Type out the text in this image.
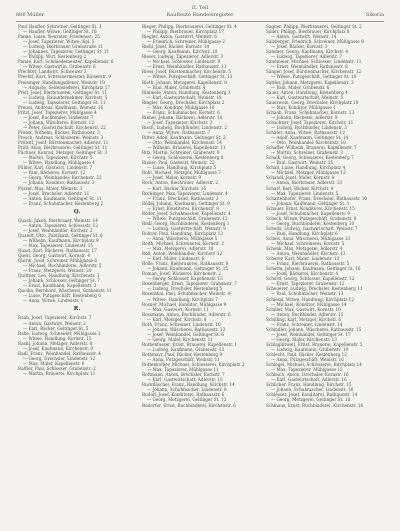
806 Müller
II. Teil
Kaufleute Handelsregister	Sikoria
Paul Haufler, Schrotner, Geltinger St. 3
— Haufler, Witwe, Geltinger St. 16
Panne, Luise, Neurater, Friedensst. 25
— Josef, Tapezierer, Witwe, Kpl. 5
— Ludwig, Bierbrauer, Grubstraße 11
— Johannes, Tapezierer, Geltinger St. 11
— Philipp, Wirt, Kestenberg 2
Panne, Karl, Schmiedemeister, Kapellenstr. 6
— Witwe, Gastwirtin, Grabenstr. 6
Prechter, Landwirt, Schweizer 3
Prechtl, Karl, Schreinermeister, Kaiserstr. 9
Preisinger, Handlungsdiener, Weinstr. 10
— Auguste, Seifensiederei, Kirchplatz 17
Prell, Josef, Bierbrauerei, Geltinger St. 11
— Ludwig, Bauunternehmer, Kirchstr. 5
— Ludwig, Tapezierer, Geltinger St. 11
Preuss, Andreas, Kaufmann, Weinstr. 16
Pritzl, Josef, Tapezierer, Mühlgasse 4
— Josef, Buchbinder, Lindenstr. 7
— Johann, Wäscherei, Kornstr. 12
— Peter, Gastwirtschaft, Kirchenstr. 22
Probst, Wilhelm, Bäcker, Rathausstr. 3
Prosch, Andreas, Schlosserei, Weinstr. 3
Pröbstl, Josef, Bürstenmacher, Adlerstr. 11
Pröll, Alois, Bierbrauerei, Geltinger St. 11
Püchner, Konrad, Metzger, Geltinger St. 3
— Martin, Tapezierer, Kirchstr. 5
— Witwe, Handlung, Mühlgasse 4
Pühler, Karl, Gastwirt, Lindenstr. 7
— Paul, Bäckerei, Kornstr. 12
— Georg, Weinhandel, Kirchenstr. 22
— Johann, Konditor, Rathausstr. 3
Pürzer, Max, Maler, Weinstr. 3
— Josef, Drechsler, Adlerstr. 11
— Anton, Kaufmann, Geltinger St. 11
— Franz, Schuhmacher, Kestenberg 2
Q.
Quack, Jakob, Bierbrauer, Weinstr. 14
— Anton, Tapezierer, Schlossstr. 12
— Josef, Weinhändler, Kirchstr. 2
Quandt, Otto, Fabrikant, Geltinger St. 8
— Wilhelm, Kaufmann, Kirchplatz 9
— Max, Tapezierer, Lindenstr. 15
Quast, Karl, Bäckerei, Rathausstr. 17
Queri, Georg, Gastwirt, Kornstr. 4
Quirin, Josef, Schreiner, Mühlgasse 6
— Michael, Buchbinderei, Adlerstr. 5
— Franz, Metzgerei, Weinstr. 20
Quittner, Leo, Handlung, Kirchenstr. 3
— Johann, Schlosser, Geltinger St. 7
— Ernst, Kaufmann, Kapellenstr. 2
Quoika, Bernhard, Wäscherei, Grabenstr. 11
— Luise, Putzgeschäft, Kestenberg 6
— Anna, Witwe, Lindenstr. 1
R.
Raab, Josef, Tapezierer, Kirchstr. 7
— Anton, Gastwirt, Weinstr. 2
— Karl, Bäcker, Geltinger St. 5
Rabe, Ludwig, Schneider, Mühlgasse 3
— Witwe, Handlung, Kornstr. 15
Rackl, Johann, Metzger, Adlerstr. 8
— Josef, Kaufmann, Kirchenstr. 9
Radl, Franz, Weinhandel, Rathausstr. 4
— Georg, Drechsler, Lindenstr. 12
— Max, Maler, Kapellenstr. 6
Raffler, Paul, Schlosser, Grabenstr. 2
— Martin, Brauerei, Kirchplatz 11
Rieger, Philipp, Bierbrauerei, Geltinger St. 4
— Philipp, Bierbrauer, Kirchplatz 17
Riegler, Anton, Gastwirt, Weinstr. 6
— Friedrich, Schreiner, Mühlgasse 2
Riehl, Josef, Bäcker, Kornstr. 14
— Georg, Kaufmann, Kirchstr. 10
Rieser, Ludwig, Tapezierer, Adlerstr. 3
— Michael, Schlosser, Lindenstr. 9
— Ernst, Weinhändler, Rathausstr. 11
Riess, Josef, Bürstenmacher, Kirchenstr. 5
— Witwe, Putzgeschäft, Geltinger St. 13
Rieth, Johann, Metzgerei, Kapellenstr. 8
— Paul, Maler, Grabenstr. 4
Rimmele, Anton, Handlung, Kestenberg 3
— Karl, Gastwirtschaft, Weinstr. 18
Ringler, Georg, Drechsler, Kirchplatz 2
— Max, Konditor, Mühlgasse 10
— Franz, Schuhmacher, Kornstr. 6
Rinner, Johann, Bäckerei, Adlerstr. 14
— Josef, Tapezierer, Kirchstr. 3
Risch, Ludwig, Buchbinder, Lindenstr. 2
— Anna, Witwe, Rathausstr. 7
Ritter, Adolf, Kaufmann, Geltinger St. 2
— Otto, Weinhandel, Kirchenstr. 14
— Wilhelm, Brauerei, Kapellenstr. 11
Ritz, Martin, Schreiner, Grabenstr. 9
— Georg, Schlosserei, Kestenberg 8
Rixner, Paul, Gastwirt, Weinstr. 22
— Luise, Handlung, Kirchplatz 5
Robl, Michael, Metzger, Mühlgasse 7
— Josef, Maler, Kornstr. 9
Rock, Anton, Bierbrauer, Adlerstr. 2
— Karl, Bäcker, Kirchstr. 16
Rockinger, Max, Tapezierer, Lindenstr. 4
— Franz, Drechsler, Rathausstr. 2
Rödel, Johann, Kaufmann, Geltinger St. 9
— Ernst, Konditorei, Kirchenstr. 8
Röder, Josef, Schuhmacher, Kapellenstr. 4
— Witwe, Putzgeschäft, Grabenstr. 15
Rödl, Georg, Buchbinderei, Kestenberg 1
— Ludwig, Gastwirtschaft, Weinstr. 9
Rohrer, Paul, Handlung, Kirchplatz 13
— Anna, Wäscherei, Mühlgasse 5
Roith, Michael, Schreinerei, Kornstr. 2
— Max, Metzgerei, Adlerstr. 10
Roll, Anton, Weinhändler, Kirchstr. 12
— Karl, Maler, Lindenstr. 6
Rolle, Franz, Bierbrauerei, Rathausstr. 9
— Johann, Kaufmann, Geltinger St. 15
Roman, Josef, Bäckerei, Kirchenstr. 2
— Georg, Schlosser, Kapellenstr. 13
Rosenberger, Ernst, Tapezierer, Grabenstr. 7
— Ludwig, Drechsler, Kestenberg 5
Rosenthal, Paul, Schuhmacher, Weinstr. 4
— Witwe, Handlung, Kirchplatz 7
Rosner, Michael, Konditor, Mühlgasse 9
— Max, Gastwirt, Kornstr. 11
Rossmann, Anton, Buchbinder, Adlerstr. 6
— Karl, Metzger, Kirchstr. 8
Roth, Franz, Schreiner, Lindenstr. 10
— Johann, Wäscherei, Rathausstr. 13
— Josef, Weinhandel, Geltinger St. 6
— Georg, Maler, Kirchenstr. 11
Rothenfusser, Ernst, Brauerei, Kapellenstr. 1
— Ludwig, Kaufmann, Grabenstr. 13
Rothmayr, Paul, Bäcker, Kestenberg 9
— Anna, Putzgeschäft, Weinstr. 11
Rottenkolber, Michael, Schlosserei, Kirchplatz 3
— Max, Tapezierer, Mühlgasse 11
Rottmann, Anton, Drechsler, Kornstr. 7
— Karl, Gastwirtschaft, Adlerstr. 12
Ruckdäschel, Franz, Handlung, Kirchstr. 14
— Johann, Schuhmacher, Lindenstr. 8
Rudolf, Josef, Konditorei, Rathausstr. 6
— Georg, Metzgerei, Geltinger St. 12
Rudorfer, Ernst, Buchbinderei, Kirchenstr. 6
Sagner, Philipp, Bierbrauerei, Geltinger St. 2
Sailer, Philipp, Bierbrauer, Kirchplatz 8
— Anton, Gastwirt, Weinstr. 14
Salzberger, Friedrich, Schreiner, Mühlgasse 8
— Josef, Bäcker, Kornstr. 3
Sammer, Georg, Kaufmann, Kirchstr. 4
— Ludwig, Tapezierer, Adlerstr. 7
Sandmeier, Michael, Schlosser, Lindenstr. 11
— Ernst, Weinhändler, Rathausstr. 8
Sänger, Josef, Bürstenmacher, Kirchenstr. 12
— Witwe, Putzgeschäft, Geltinger St. 10
Sattler, Johann, Metzgerei, Kapellenstr. 3
— Paul, Maler, Grabenstr. 6
Sauer, Anton, Handlung, Kestenberg 4
— Karl, Gastwirtschaft, Weinstr. 5
Sauerwein, Georg, Drechsler, Kirchplatz 10
— Max, Konditor, Mühlgasse 1
Schaab, Franz, Schuhmacher, Kornstr. 13
— Johann, Bäckerei, Adlerstr. 9
Schachner, Josef, Tapezierer, Kirchstr. 11
— Ludwig, Buchbinder, Lindenstr. 3
Schäfer, Anna, Witwe, Rathausstr. 12
— Adolf, Kaufmann, Geltinger St. 14
— Otto, Weinhandel, Kirchenstr. 10
Schaffer, Wilhelm, Brauerei, Kapellenstr. 7
— Martin, Schreiner, Grabenstr. 3
Schalk, Georg, Schlosserei, Kestenberg 7
— Paul, Gastwirt, Weinstr. 15
Schall, Luise, Handlung, Kirchplatz 4
— Michael, Metzger, Mühlgasse 12
Schandl, Josef, Maler, Kornstr. 8
— Anton, Bierbrauer, Adlerstr. 13
Scharf, Karl, Bäcker, Kirchstr. 9
— Max, Tapezierer, Lindenstr. 5
Schattenhofer, Franz, Drechsler, Rathausstr. 10
— Johann, Kaufmann, Geltinger St. 1
Schauer, Ernst, Konditorei, Kirchenstr. 15
— Josef, Schuhmacher, Kapellenstr. 9
Scheck, Witwe, Putzgeschäft, Grabenstr. 8
— Georg, Buchbinderei, Kestenberg 10
Scheitz, Ludwig, Gastwirtschaft, Weinstr. 7
— Paul, Handlung, Kirchplatz 6
Schels, Anna, Wäscherei, Mühlgasse 13
— Michael, Schreinerei, Kornstr. 5
Schenk, Max, Metzgerei, Adlerstr. 4
— Anton, Weinhändler, Kirchstr. 13
Scherer, Karl, Maler, Lindenstr. 13
— Franz, Bierbrauerei, Rathausstr. 5
Scherm, Johann, Kaufmann, Geltinger St. 16
— Josef, Bäckerei, Kirchenstr. 4
Schertl, Georg, Schlosser, Kapellenstr. 12
— Ernst, Tapezierer, Grabenstr. 12
Scheuerer, Ludwig, Drechsler, Kestenberg 11
— Paul, Schuhmacher, Weinstr. 13
Schiessl, Witwe, Handlung, Kirchplatz 12
— Michael, Konditor, Mühlgasse 14
Schiller, Max, Gastwirt, Kornstr. 10
— Anton, Buchbinder, Adlerstr. 15
Schilling, Karl, Metzger, Kirchstr. 6
— Franz, Schreiner, Lindenstr. 14
Schindler, Johann, Wäscherei, Rathausstr. 15
— Josef, Weinhandel, Geltinger St. 17
— Georg, Maler, Kirchenstr. 13
Schlagintweit, Ernst, Brauerei, Kapellenstr. 5
— Ludwig, Kaufmann, Grabenstr. 10
Schlecht, Paul, Bäcker, Kestenberg 12
— Anna, Putzgeschäft, Weinstr. 16
Schlegel, Michael, Schlosserei, Kirchplatz 14
— Max, Tapezierer, Mühlgasse 15
Schleich, Anton, Drechsler, Kornstr. 16
— Karl, Gastwirtschaft, Adlerstr. 16
Schlicker, Franz, Handlung, Kirchstr. 15
— Johann, Schuhmacher, Lindenstr. 16
Schlösser, Josef, Konditorei, Rathausstr. 14
— Georg, Metzgerei, Geltinger St. 18
Schmaus, Ernst, Buchbinderei, Kirchenstr. 16
